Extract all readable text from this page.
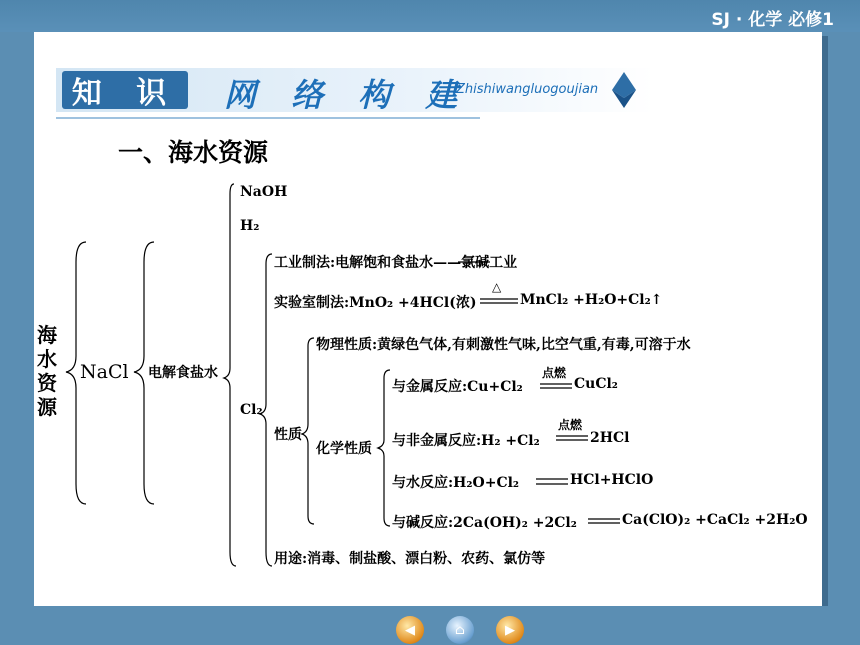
SJ · 化学 必修1
知 识 网 络 构 建
Zhishiwangluogoujian
一、海水资源
海
水
资
源
NaCl 电解食盐水
NaOH
H₂
Cl₂
工业制法:电解饱和食盐水——氯碱工业
实验室制法:MnO₂ +4HCl(浓)
△
MnCl₂ +H₂O+Cl₂↑
性质
物理性质:黄绿色气体,有刺激性气味,比空气重,有毒,可溶于水
化学性质
与金属反应:Cu+Cl₂
点燃
CuCl₂
与非金属反应:H₂ +Cl₂
点燃
2HCl
与水反应:H₂O+Cl₂	HCl+HClO
与碱反应:2Ca(OH)₂ +2Cl₂	Ca(ClO)₂ +CaCl₂ +2H₂O
用途:消毒、制盐酸、漂白粉、农药、氯仿等
◀	⌂	▶
